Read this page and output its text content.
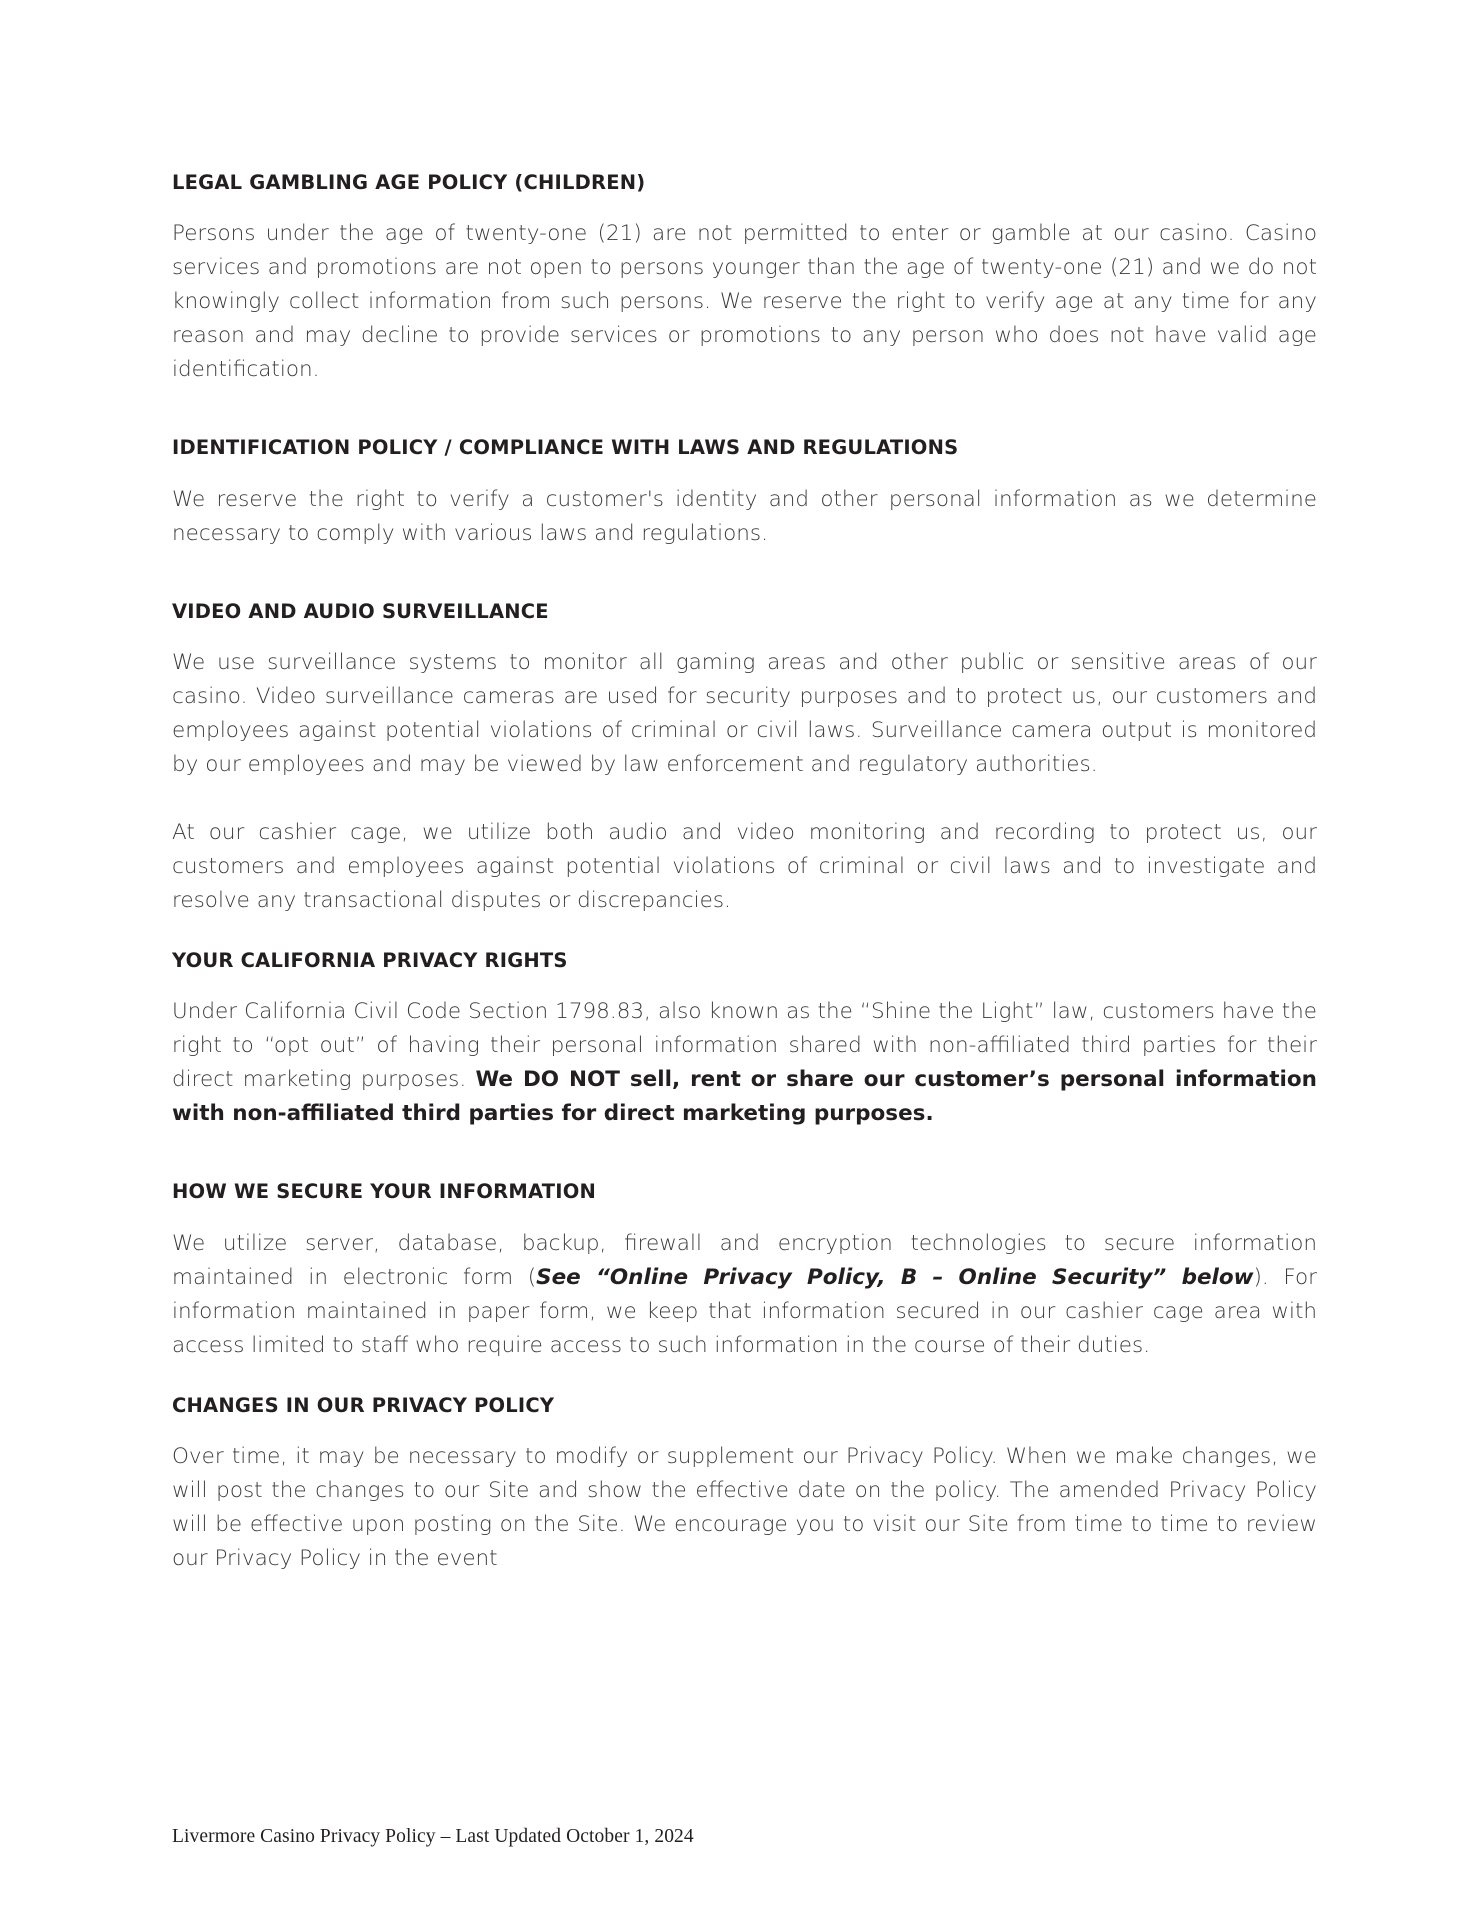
LEGAL GAMBLING AGE POLICY (CHILDREN)

Persons under the age of twenty-one (21) are not permitted to enter or gamble at our casino. Casino services and promotions are not open to persons younger than the age of twenty-one (21) and we do not knowingly collect information from such persons. We reserve the right to verify age at any time for any reason and may decline to provide services or promotions to any person who does not have valid age identification.

IDENTIFICATION POLICY / COMPLIANCE WITH LAWS AND REGULATIONS

We reserve the right to verify a customer's identity and other personal information as we determine necessary to comply with various laws and regulations.

VIDEO AND AUDIO SURVEILLANCE

We use surveillance systems to monitor all gaming areas and other public or sensitive areas of our casino. Video surveillance cameras are used for security purposes and to protect us, our customers and employees against potential violations of criminal or civil laws. Surveillance camera output is monitored by our employees and may be viewed by law enforcement and regulatory authorities.

At our cashier cage, we utilize both audio and video monitoring and recording to protect us, our customers and employees against potential violations of criminal or civil laws and to investigate and resolve any transactional disputes or discrepancies.

YOUR CALIFORNIA PRIVACY RIGHTS

Under California Civil Code Section 1798.83, also known as the “Shine the Light” law, customers have the right to “opt out” of having their personal information shared with non-affiliated third parties for their direct marketing purposes. We DO NOT sell, rent or share our customer’s personal information with non-affiliated third parties for direct marketing purposes.

HOW WE SECURE YOUR INFORMATION

We utilize server, database, backup, firewall and encryption technologies to secure information maintained in electronic form (See “Online Privacy Policy, B – Online Security” below). For information maintained in paper form, we keep that information secured in our cashier cage area with access limited to staff who require access to such information in the course of their duties.

CHANGES IN OUR PRIVACY POLICY

Over time, it may be necessary to modify or supplement our Privacy Policy. When we make changes, we will post the changes to our Site and show the effective date on the policy. The amended Privacy Policy will be effective upon posting on the Site. We encourage you to visit our Site from time to time to review our Privacy Policy in the event

Livermore Casino Privacy Policy – Last Updated October 1, 2024
